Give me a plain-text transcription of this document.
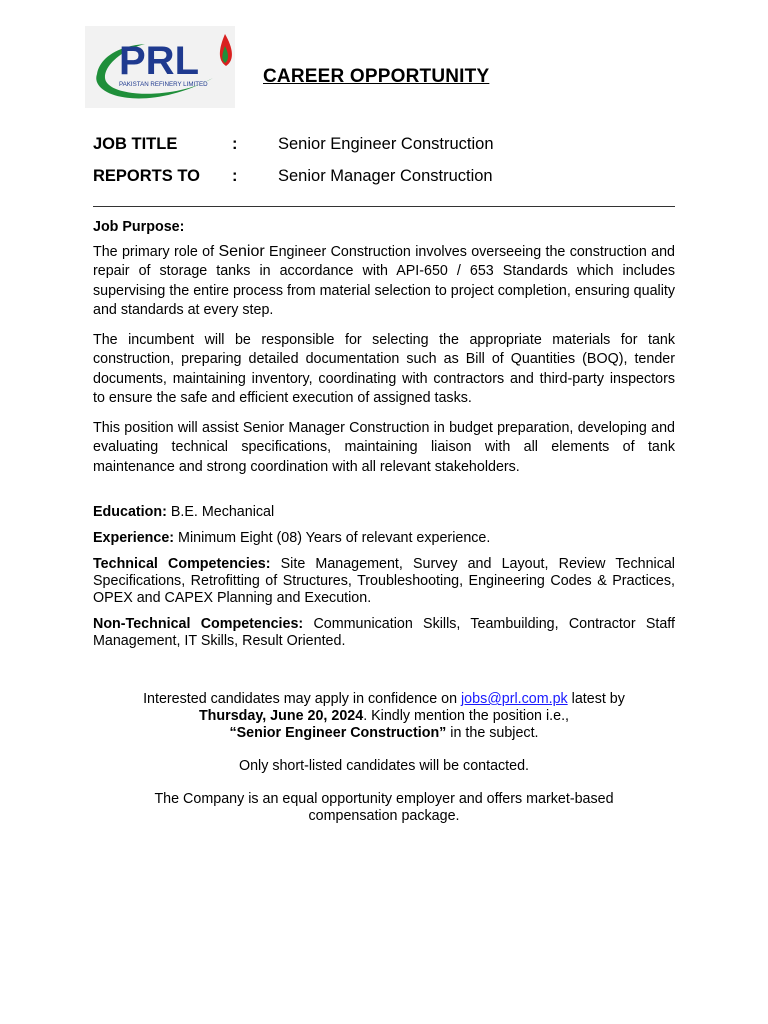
PRL
PAKISTAN REFINERY LIMITED	CAREER OPPORTUNITY
JOB TITLE	: Senior Engineer Construction
REPORTS TO : Senior Manager Construction

Job Purpose:

The primary role of Senior Engineer Construction involves overseeing the construction and repair of storage tanks in accordance with API-650 / 653 Standards which includes supervising the entire process from material selection to project completion, ensuring quality and standards at every step.

The incumbent will be responsible for selecting the appropriate materials for tank construction, preparing detailed documentation such as Bill of Quantities (BOQ), tender documents, maintaining inventory, coordinating with contractors and third-party inspectors to ensure the safe and efficient execution of assigned tasks.

This position will assist Senior Manager Construction in budget preparation, developing and evaluating technical specifications, maintaining liaison with all elements of tank maintenance and strong coordination with all relevant stakeholders.

Education: B.E. Mechanical

Experience: Minimum Eight (08) Years of relevant experience.

Technical Competencies: Site Management, Survey and Layout, Review Technical Specifications, Retrofitting of Structures, Troubleshooting, Engineering Codes & Practices, OPEX and CAPEX Planning and Execution.

Non-Technical Competencies: Communication Skills, Teambuilding, Contractor Staff Management, IT Skills, Result Oriented.

Interested candidates may apply in confidence on jobs@prl.com.pk latest by

Thursday, June 20, 2024. Kindly mention the position i.e.,

“Senior Engineer Construction” in the subject.

Only short-listed candidates will be contacted.

The Company is an equal opportunity employer and offers market-based compensation package.
